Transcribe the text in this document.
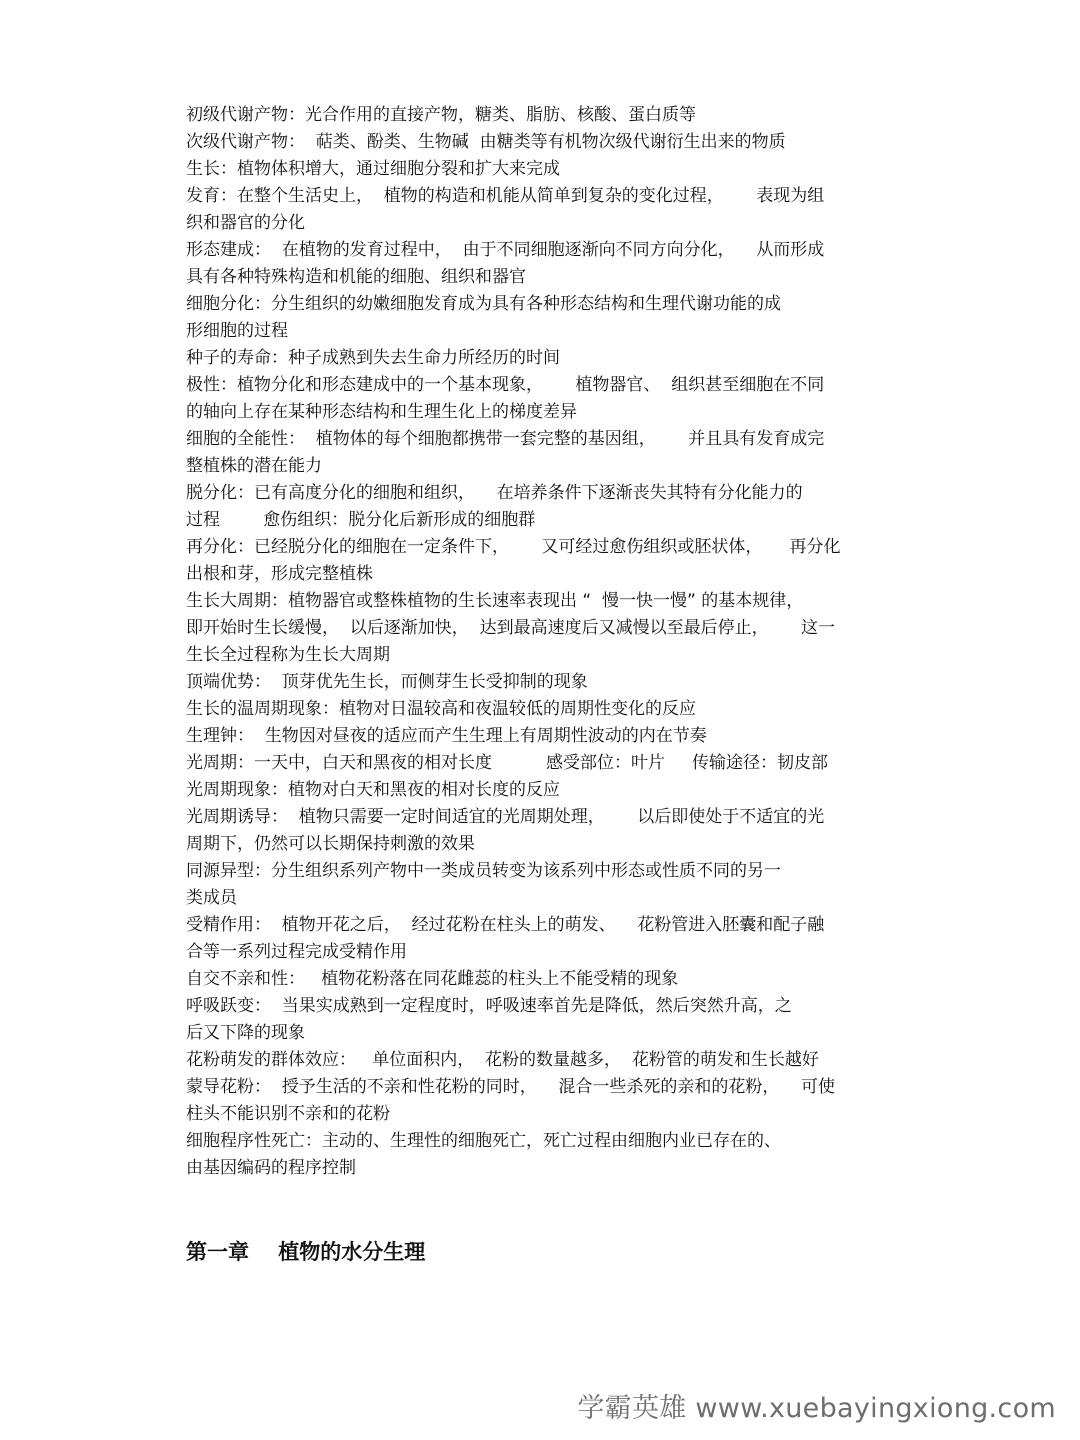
初级代谢产物：光合作用的直接产物，糖类、脂肪、核酸、蛋白质等
次级代谢产物：  萜类、酚类、生物碱  由糖类等有机物次级代谢衍生出来的物质
生长：植物体积增大，通过细胞分裂和扩大来完成
发育：在整个生活史上，  植物的构造和机能从简单到复杂的变化过程，      表现为组
织和器官的分化
形态建成：  在植物的发育过程中，  由于不同细胞逐渐向不同方向分化，    从而形成
具有各种特殊构造和机能的细胞、组织和器官
细胞分化：分生组织的幼嫩细胞发育成为具有各种形态结构和生理代谢功能的成
形细胞的过程
种子的寿命：种子成熟到失去生命力所经历的时间
极性：植物分化和形态建成中的一个基本现象，      植物器官、  组织甚至细胞在不同
的轴向上存在某种形态结构和生理生化上的梯度差异
细胞的全能性：  植物体的每个细胞都携带一套完整的基因组，      并且具有发育成完
整植株的潜在能力
脱分化：已有高度分化的细胞和组织，    在培养条件下逐渐丧失其特有分化能力的
过程        愈伤组织：脱分化后新形成的细胞群
再分化：已经脱分化的细胞在一定条件下，      又可经过愈伤组织或胚状体，     再分化
出根和芽，形成完整植株
生长大周期：植物器官或整株植物的生长速率表现出 “  慢一快一慢” 的基本规律，
即开始时生长缓慢，  以后逐渐加快，  达到最高速度后又减慢以至最后停止，      这一
生长全过程称为生长大周期
顶端优势：  顶芽优先生长，而侧芽生长受抑制的现象
生长的温周期现象：植物对日温较高和夜温较低的周期性变化的反应
生理钟：  生物因对昼夜的适应而产生生理上有周期性波动的内在节奏
光周期：一天中，白天和黑夜的相对长度          感受部位：叶片     传输途径：韧皮部
光周期现象：植物对白天和黑夜的相对长度的反应
光周期诱导：  植物只需要一定时间适宜的光周期处理，      以后即使处于不适宜的光
周期下，仍然可以长期保持刺激的效果
同源异型：分生组织系列产物中一类成员转变为该系列中形态或性质不同的另一
类成员
受精作用：  植物开花之后，  经过花粉在柱头上的萌发、    花粉管进入胚囊和配子融
合等一系列过程完成受精作用
自交不亲和性：   植物花粉落在同花雌蕊的柱头上不能受精的现象
呼吸跃变：  当果实成熟到一定程度时，呼吸速率首先是降低，然后突然升高，之
后又下降的现象
花粉萌发的群体效应：   单位面积内，  花粉的数量越多，  花粉管的萌发和生长越好
蒙导花粉：  授予生活的不亲和性花粉的同时，    混合一些杀死的亲和的花粉，    可使
柱头不能识别不亲和的花粉
细胞程序性死亡：主动的、生理性的细胞死亡，死亡过程由细胞内业已存在的、
由基因编码的程序控制
第一章    植物的水分生理
学霸英雄 www.xuebayingxiong.com
